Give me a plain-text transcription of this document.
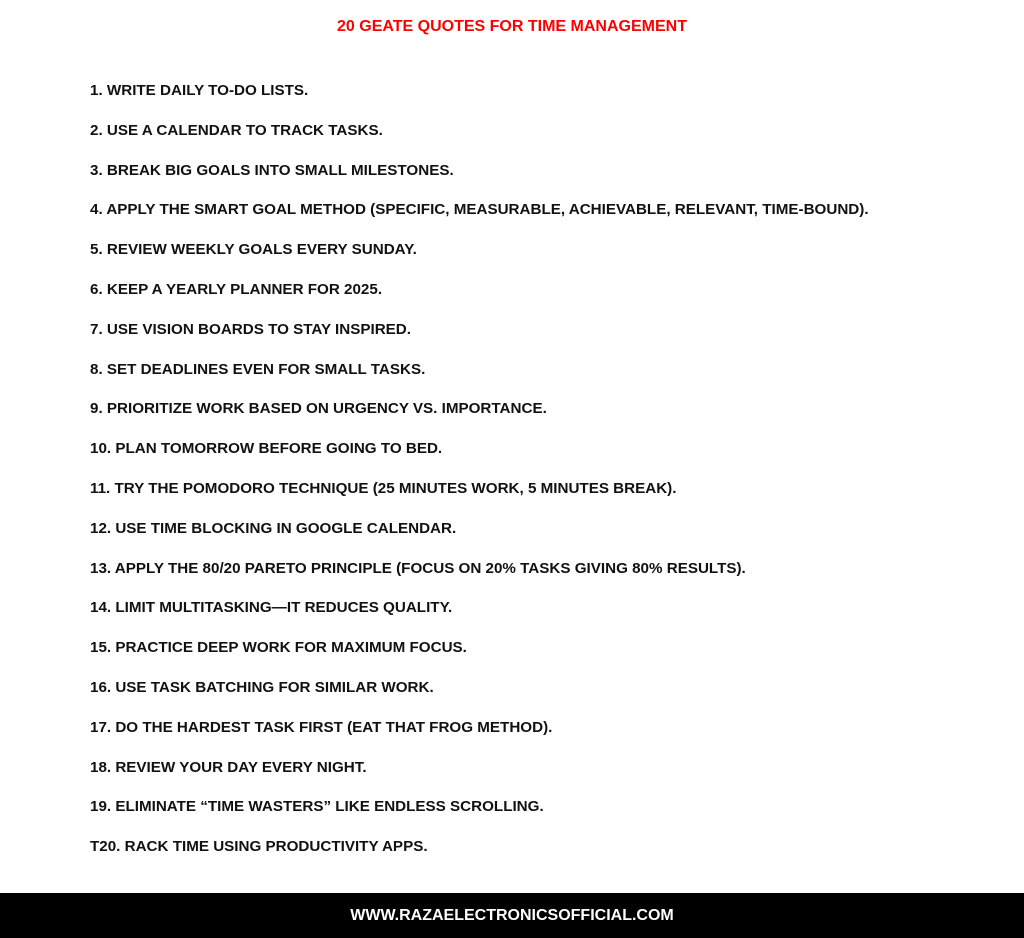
20 GEATE QUOTES FOR TIME MANAGEMENT
1. WRITE DAILY TO-DO LISTS.
2. USE A CALENDAR TO TRACK TASKS.
3. BREAK BIG GOALS INTO SMALL MILESTONES.
4. APPLY THE SMART GOAL METHOD (SPECIFIC, MEASURABLE, ACHIEVABLE, RELEVANT, TIME-BOUND).
5. REVIEW WEEKLY GOALS EVERY SUNDAY.
6. KEEP A YEARLY PLANNER FOR 2025.
7. USE VISION BOARDS TO STAY INSPIRED.
8. SET DEADLINES EVEN FOR SMALL TASKS.
9. PRIORITIZE WORK BASED ON URGENCY VS. IMPORTANCE.
10. PLAN TOMORROW BEFORE GOING TO BED.
11. TRY THE POMODORO TECHNIQUE (25 MINUTES WORK, 5 MINUTES BREAK).
12. USE TIME BLOCKING IN GOOGLE CALENDAR.
13. APPLY THE 80/20 PARETO PRINCIPLE (FOCUS ON 20% TASKS GIVING 80% RESULTS).
14. LIMIT MULTITASKING—IT REDUCES QUALITY.
15. PRACTICE DEEP WORK FOR MAXIMUM FOCUS.
16. USE TASK BATCHING FOR SIMILAR WORK.
17. DO THE HARDEST TASK FIRST (EAT THAT FROG METHOD).
18. REVIEW YOUR DAY EVERY NIGHT.
19. ELIMINATE “TIME WASTERS” LIKE ENDLESS SCROLLING.
T20. RACK TIME USING PRODUCTIVITY APPS.
WWW.RAZAELECTRONICSOFFICIAL.COM
